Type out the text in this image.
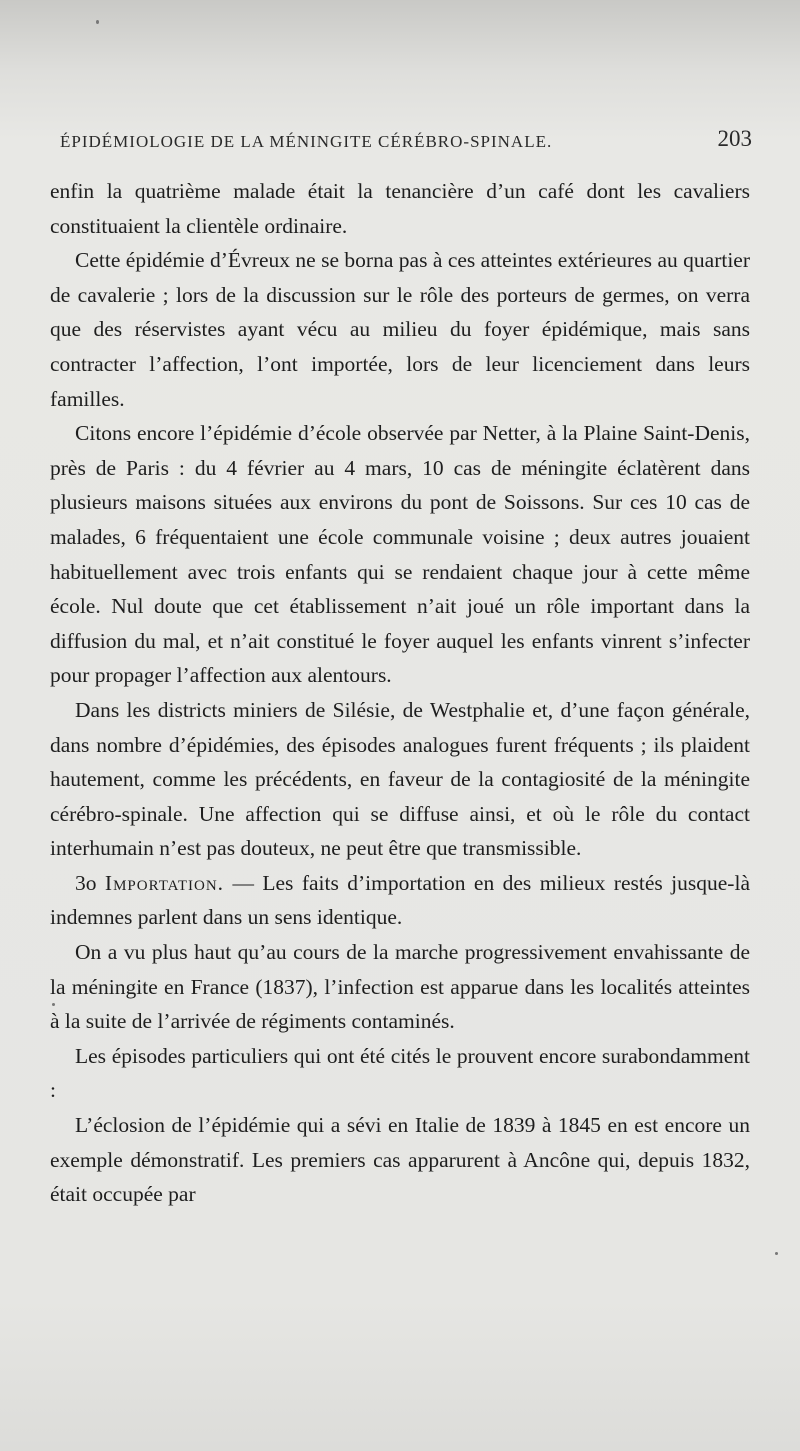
ÉPIDÉMIOLOGIE DE LA MÉNINGITE CÉRÉBRO-SPINALE.	203

enfin la quatrième malade était la tenancière d’un café dont les cavaliers constituaient la clientèle ordinaire.

Cette épidémie d’Évreux ne se borna pas à ces atteintes extérieures au quartier de cavalerie ; lors de la discussion sur le rôle des porteurs de germes, on verra que des réservistes ayant vécu au milieu du foyer épidémique, mais sans contracter l’affection, l’ont importée, lors de leur licenciement dans leurs familles.

Citons encore l’épidémie d’école observée par Netter, à la Plaine Saint-Denis, près de Paris : du 4 février au 4 mars, 10 cas de méningite éclatèrent dans plusieurs maisons situées aux environs du pont de Soissons. Sur ces 10 cas de malades, 6 fréquentaient une école communale voisine ; deux autres jouaient habituellement avec trois enfants qui se rendaient chaque jour à cette même école. Nul doute que cet établissement n’ait joué un rôle important dans la diffusion du mal, et n’ait constitué le foyer auquel les enfants vinrent s’infecter pour propager l’affection aux alentours.

Dans les districts miniers de Silésie, de Westphalie et, d’une façon générale, dans nombre d’épidémies, des épisodes analogues furent fréquents ; ils plaident hautement, comme les précédents, en faveur de la contagiosité de la méningite cérébro-spinale. Une affection qui se diffuse ainsi, et où le rôle du contact interhumain n’est pas douteux, ne peut être que transmissible.

3o Importation. — Les faits d’importation en des milieux restés jusque-là indemnes parlent dans un sens identique.

On a vu plus haut qu’au cours de la marche progressivement envahissante de la méningite en France (1837), l’infection est apparue dans les localités atteintes à la suite de l’arrivée de régiments contaminés.

Les épisodes particuliers qui ont été cités le prouvent encore surabondamment :

L’éclosion de l’épidémie qui a sévi en Italie de 1839 à 1845 en est encore un exemple démonstratif. Les premiers cas apparurent à Ancône qui, depuis 1832, était occupée par
